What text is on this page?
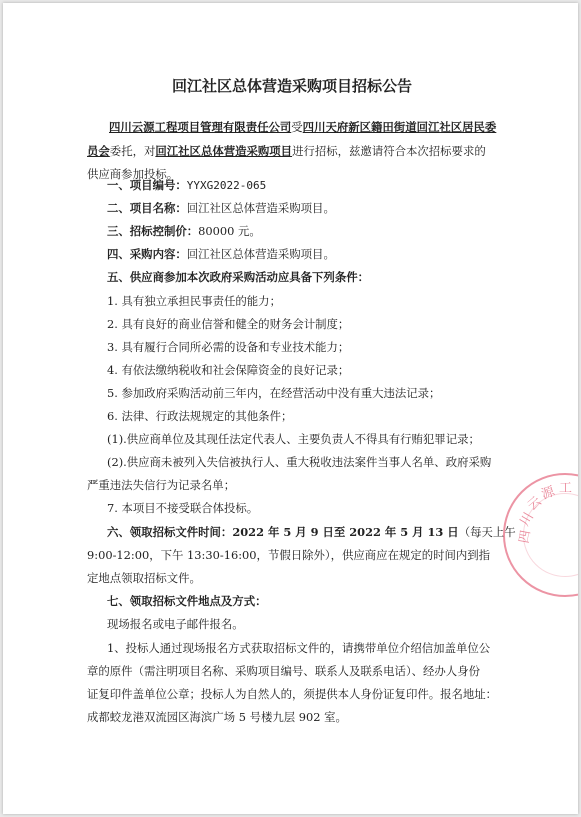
回江社区总体营造采购项目招标公告
四川云源工程项目管理有限责任公司受四川天府新区籍田街道回江社区居民委员会委托，对回江社区总体营造采购项目进行招标，兹邀请符合本次招标要求的供应商参加投标。
一、项目编号：YYXG2022-065
二、项目名称：回江社区总体营造采购项目。
三、招标控制价：80000 元。
四、采购内容：回江社区总体营造采购项目。
五、供应商参加本次政府采购活动应具备下列条件：
1. 具有独立承担民事责任的能力；
2. 具有良好的商业信誉和健全的财务会计制度；
3. 具有履行合同所必需的设备和专业技术能力；
4. 有依法缴纳税收和社会保障资金的良好记录；
5. 参加政府采购活动前三年内，在经营活动中没有重大违法记录；
6. 法律、行政法规规定的其他条件；
(1).供应商单位及其现任法定代表人、主要负责人不得具有行贿犯罪记录；
(2).供应商未被列入失信被执行人、重大税收违法案件当事人名单、政府采购
严重违法失信行为记录名单；
7. 本项目不接受联合体投标。
六、领取招标文件时间：2022 年 5 月 9 日至 2022 年 5 月 13 日（每天上午
9:00-12:00，下午 13:30-16:00，节假日除外），供应商应在规定的时间内到指
定地点领取招标文件。
七、领取招标文件地点及方式：
现场报名或电子邮件报名。
1、投标人通过现场报名方式获取招标文件的，请携带单位介绍信加盖单位公
章的原件（需注明项目名称、采购项目编号、联系人及联系电话）、经办人身份
证复印件盖单位公章；投标人为自然人的，须提供本人身份证复印件。报名地址：
成都蛟龙港双流园区海滨广场 5 号楼九层 902 室。
四
川
云
源 工
